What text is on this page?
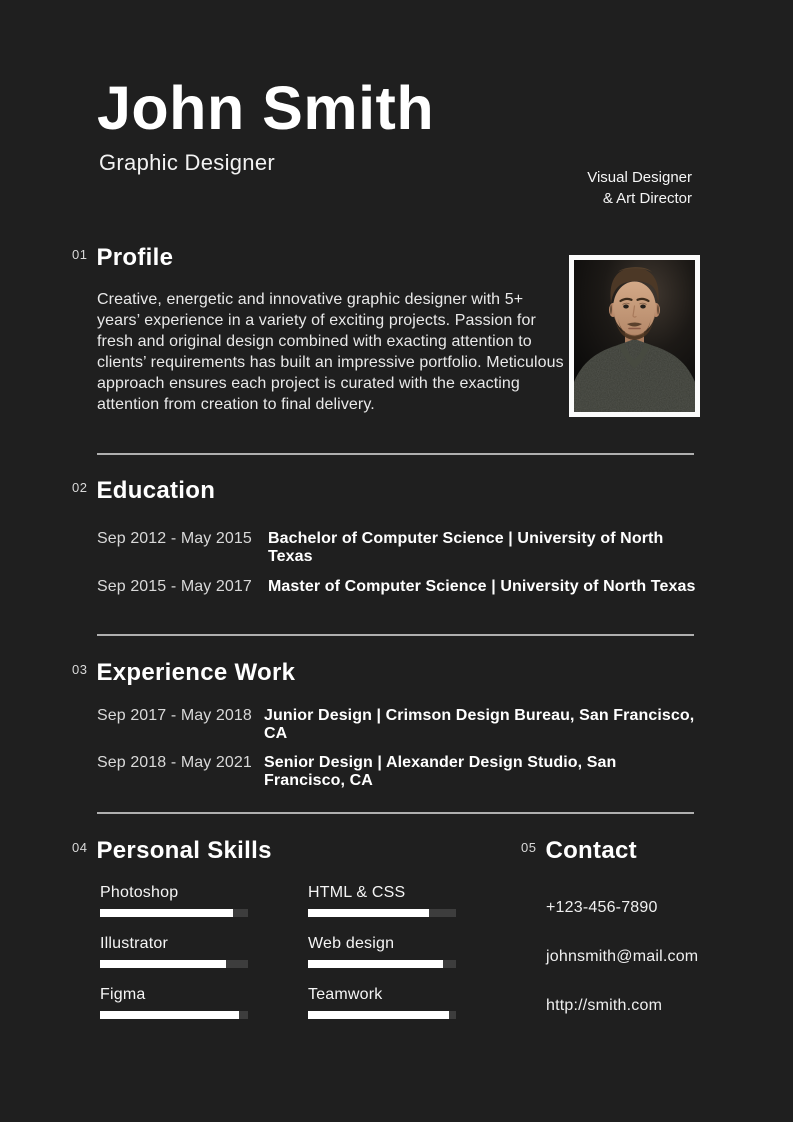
John Smith
Graphic Designer
Visual Designer
& Art Director
01 Profile
Creative, energetic and innovative graphic designer with 5+ years’ experience in a variety of exciting projects. Passion for fresh and original design combined with exacting attention to clients’ requirements has built an impressive portfolio. Meticulous approach ensures each project is curated with the exacting attention from creation to final delivery.
02 Education
Sep 2012 - May 2015	Bachelor of Computer Science | University of North Texas
Sep 2015 - May 2017	Master of Computer Science | University of North Texas
03 Experience Work
Sep 2017 - May 2018 Junior Design | Crimson Design Bureau, San Francisco, CA
Sep 2018 - May 2021 Senior Design | Alexander Design Studio, San Francisco, CA
04 Personal Skills
Photoshop	HTML & CSS
Illustrator	Web design
Figma	Teamwork
05 Contact
+123-456-7890
johnsmith@mail.com
http://smith.com
